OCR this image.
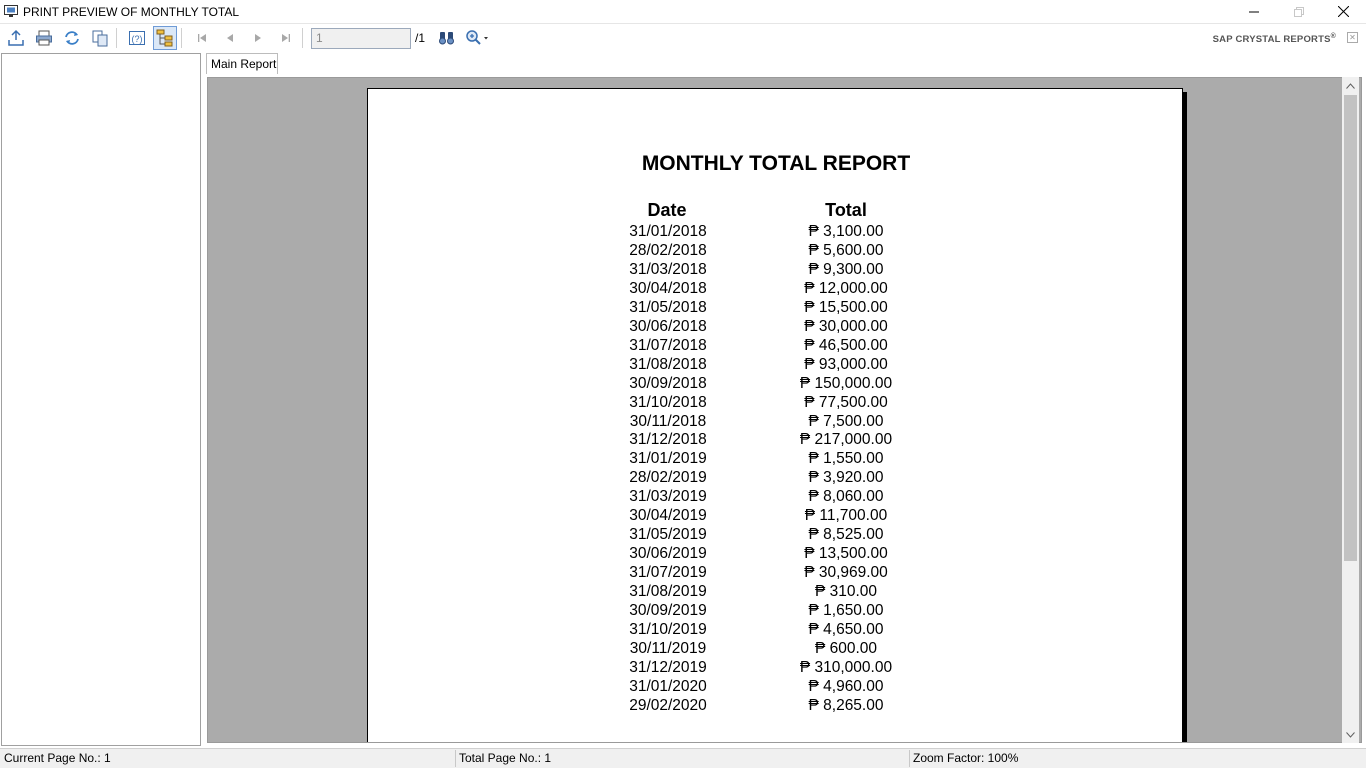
PRINT PREVIEW OF MONTHLY TOTAL
(?)
1	/1	SAP CRYSTAL REPORTS® ✕
Main Report
MONTHLY TOTAL REPORT
Date	Total
31/01/2018	₱ 3,100.00
28/02/2018	₱ 5,600.00
31/03/2018	₱ 9,300.00
30/04/2018	₱ 12,000.00
31/05/2018	₱ 15,500.00
30/06/2018	₱ 30,000.00
31/07/2018	₱ 46,500.00
31/08/2018	₱ 93,000.00
30/09/2018	₱ 150,000.00
31/10/2018	₱ 77,500.00
30/11/2018	₱ 7,500.00
31/12/2018	₱ 217,000.00
31/01/2019	₱ 1,550.00
28/02/2019	₱ 3,920.00
31/03/2019	₱ 8,060.00
30/04/2019	₱ 11,700.00
31/05/2019	₱ 8,525.00
30/06/2019	₱ 13,500.00
31/07/2019	₱ 30,969.00
31/08/2019	₱ 310.00
30/09/2019	₱ 1,650.00
31/10/2019	₱ 4,650.00
30/11/2019	₱ 600.00
31/12/2019	₱ 310,000.00
31/01/2020	₱ 4,960.00
29/02/2020	₱ 8,265.00
Current Page No.: 1	Total Page No.: 1	Zoom Factor: 100%
